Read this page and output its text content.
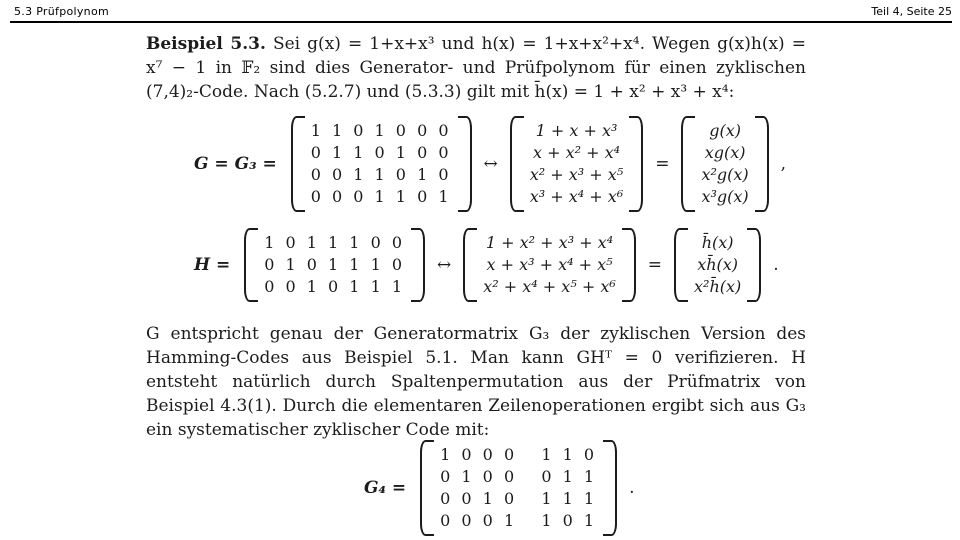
5.3 Prüfpolynom	Teil 4, Seite 25
Beispiel 5.3. Sei g(x) = 1+x+x³ und h(x) = 1+x+x²+x⁴. Wegen g(x)h(x) = x⁷ − 1 in 𝔽₂ sind dies Generator- und Prüfpolynom für einen zyklischen (7,4)₂-Code. Nach (5.2.7) und (5.3.3) gilt mit h̄(x) = 1 + x² + x³ + x⁴:
G = G₃ =
1 1 0 1 0 0 0
0 1 1 0 1 0 0
0 0 1 1 0 1 0
0 0 0 1 1 0 1
↔
1 + x + x³
x + x² + x⁴
x² + x³ + x⁵
x³ + x⁴ + x⁶
=
g(x)
xg(x)
x²g(x)
x³g(x)
,
H =
1 0 1 1 1 0 0
0 1 0 1 1 1 0
0 0 1 0 1 1 1
↔
1 + x² + x³ + x⁴
x + x³ + x⁴ + x⁵
x² + x⁴ + x⁵ + x⁶
=
h̄(x)
xh̄(x)
x²h̄(x)
.
G entspricht genau der Generatormatrix G₃ der zyklischen Version des Hamming-Codes aus Beispiel 5.1. Man kann GHᵀ = 0 verifizieren. H entsteht natürlich durch Spaltenpermutation aus der Prüfmatrix von Beispiel 4.3(1). Durch die elementaren Zeilenoperationen ergibt sich aus G₃ ein systematischer zyklischer Code mit:
G₄ =
1 0 0 0   1 1 0
0 1 0 0   0 1 1
0 0 1 0   1 1 1
0 0 0 1   1 0 1
.
